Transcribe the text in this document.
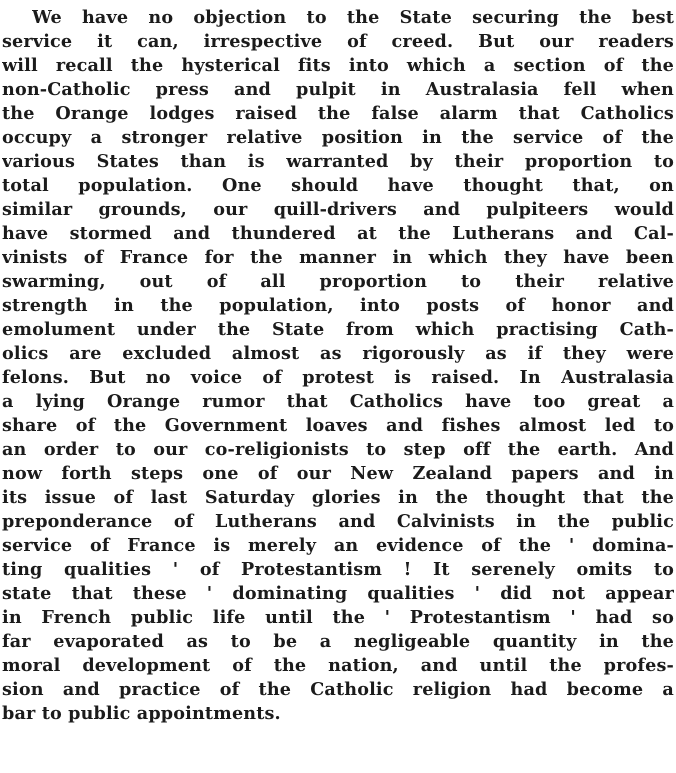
We have no objection to the State securing the best
service it can, irrespective of creed. But our readers
will recall the hysterical fits into which a section of the
non-Catholic press and pulpit in Australasia fell when
the Orange lodges raised the false alarm that Catholics
occupy a stronger relative position in the service of the
various States than is warranted by their proportion to
total population. One should have thought that, on
similar grounds, our quill-drivers and pulpiteers would
have stormed and thundered at the Lutherans and Cal-
vinists of France for the manner in which they have been
swarming, out of all proportion to their relative
strength in the population, into posts of honor and
emolument under the State from which practising Cath-
olics are excluded almost as rigorously as if they were
felons. But no voice of protest is raised. In Australasia
a lying Orange rumor that Catholics have too great a
share of the Government loaves and fishes almost led to
an order to our co-religionists to step off the earth. And
now forth steps one of our New Zealand papers and in
its issue of last Saturday glories in the thought that the
preponderance of Lutherans and Calvinists in the public
service of France is merely an evidence of the ' domina-
ting qualities ' of Protestantism ! It serenely omits to
state that these ' dominating qualities ' did not appear
in French public life until the ' Protestantism ' had so
far evaporated as to be a negligeable quantity in the
moral development of the nation, and until the profes-
sion and practice of the Catholic religion had become a
bar to public appointments.
